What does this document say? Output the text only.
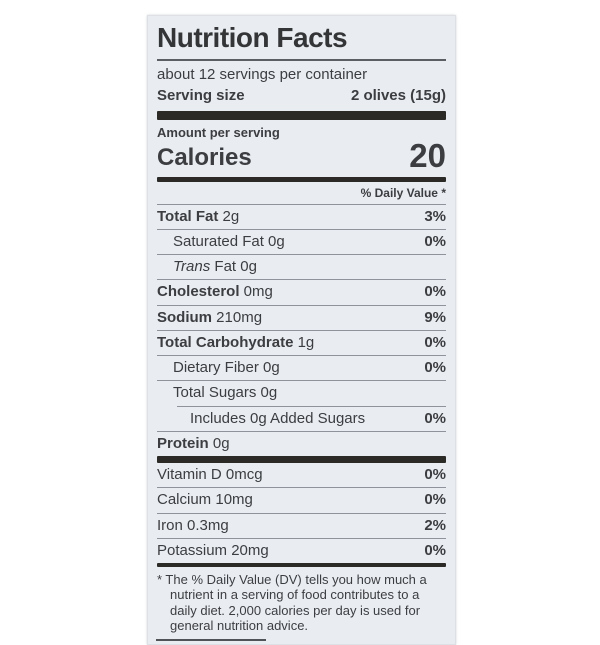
Nutrition Facts
about 12 servings per container
Serving size	2 olives (15g)
Amount per serving
Calories	20
% Daily Value *
Total Fat 2g	3%
Saturated Fat 0g	0%
Trans Fat 0g
Cholesterol 0mg	0%
Sodium 210mg	9%
Total Carbohydrate 1g	0%
Dietary Fiber 0g	0%
Total Sugars 0g
Includes 0g Added Sugars	0%
Protein 0g
Vitamin D 0mcg	0%
Calcium 10mg	0%
Iron 0.3mg	2%
Potassium 20mg	0%
* The % Daily Value (DV) tells you how much a nutrient in a serving of food contributes to a daily diet. 2,000 calories per day is used for general nutrition advice.
